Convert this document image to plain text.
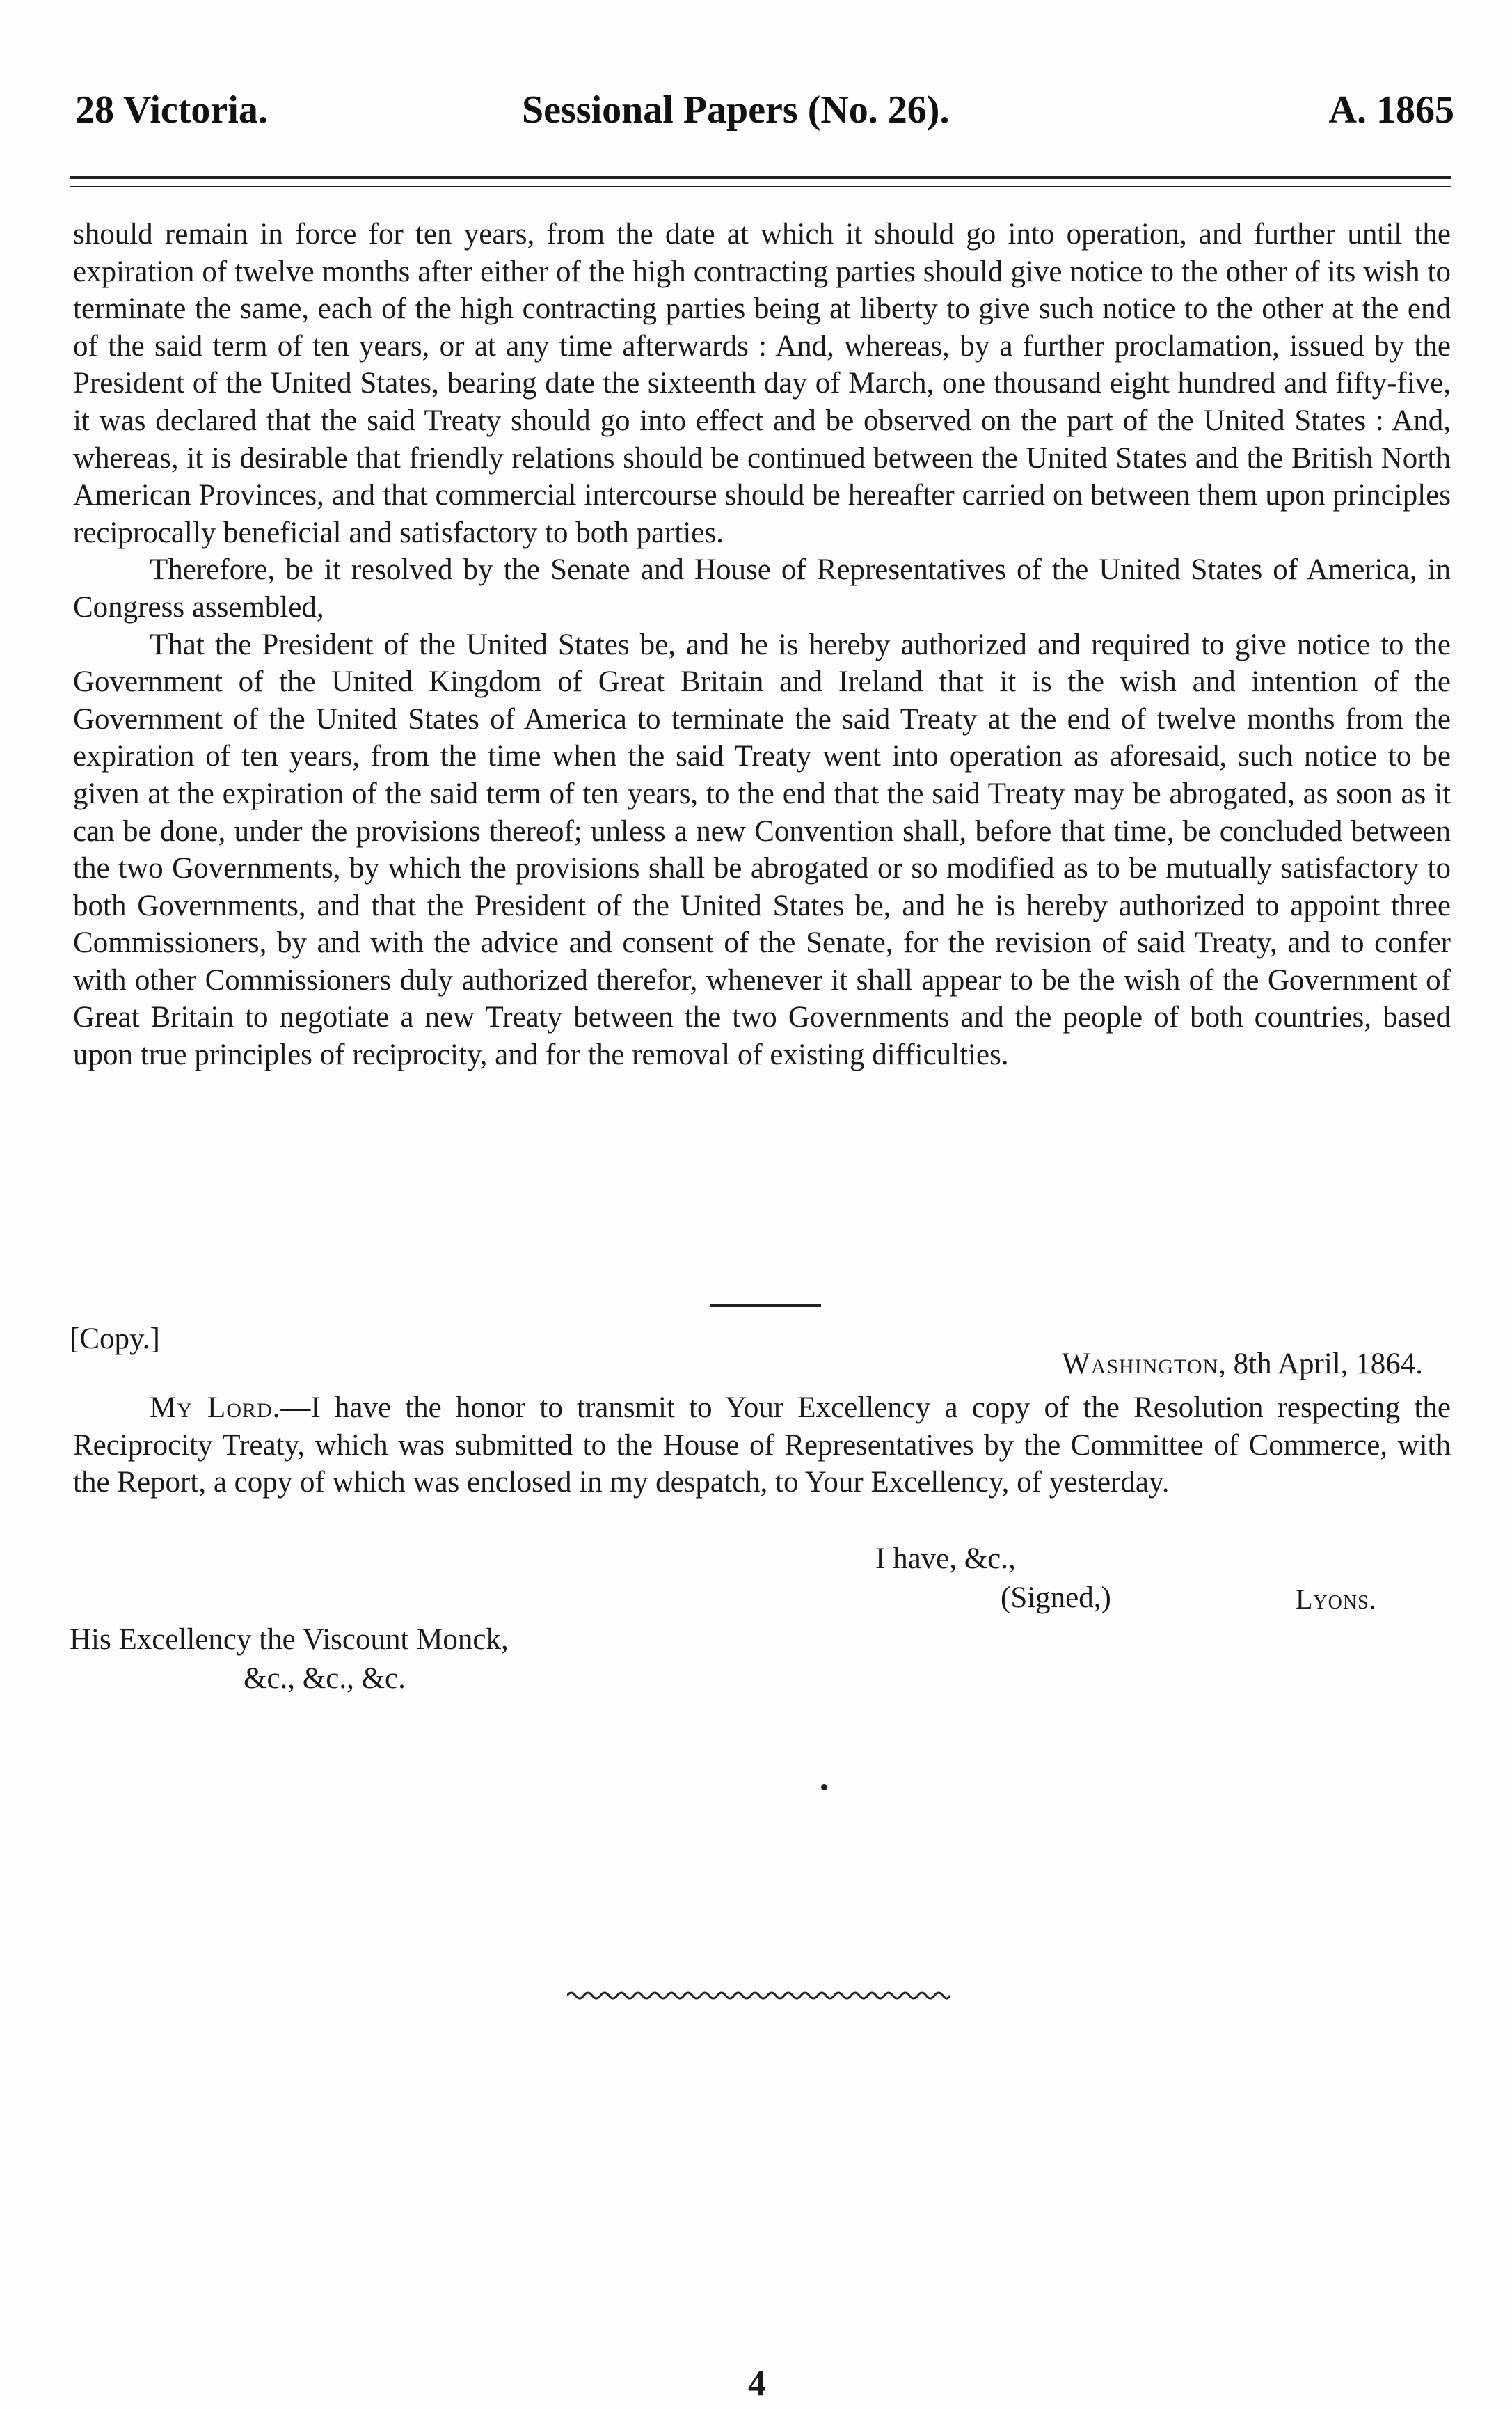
28 Victoria.	Sessional Papers (No. 26).	A. 1865

should remain in force for ten years, from the date at which it should go into operation, and further until the expiration of twelve months after either of the high contracting parties should give notice to the other of its wish to terminate the same, each of the high contracting parties being at liberty to give such notice to the other at the end of the said term of ten years, or at any time afterwards : And, whereas, by a further proclamation, issued by the President of the United States, bearing date the sixteenth day of March, one thousand eight hundred and fifty-five, it was declared that the said Treaty should go into effect and be observed on the part of the United States : And, whereas, it is desirable that friendly relations should be continued between the United States and the British North American Provinces, and that commercial intercourse should be hereafter carried on between them upon principles reciprocally beneficial and satisfactory to both parties.

Therefore, be it resolved by the Senate and House of Representatives of the United States of America, in Congress assembled,

That the President of the United States be, and he is hereby authorized and required to give notice to the Government of the United Kingdom of Great Britain and Ireland that it is the wish and intention of the Government of the United States of America to terminate the said Treaty at the end of twelve months from the expiration of ten years, from the time when the said Treaty went into operation as aforesaid, such notice to be given at the expiration of the said term of ten years, to the end that the said Treaty may be abrogated, as soon as it can be done, under the provisions thereof; unless a new Convention shall, before that time, be concluded between the two Governments, by which the provisions shall be abrogated or so modified as to be mutually satisfactory to both Governments, and that the President of the United States be, and he is hereby authorized to appoint three Commissioners, by and with the advice and consent of the Senate, for the revision of said Treaty, and to confer with other Commissioners duly authorized therefor, whenever it shall appear to be the wish of the Government of Great Britain to negotiate a new Treaty between the two Governments and the people of both countries, based upon true principles of reciprocity, and for the removal of existing difficulties.

[Copy.]
Washington, 8th April, 1864.

My Lord.—I have the honor to transmit to Your Excellency a copy of the Resolution respecting the Reciprocity Treaty, which was submitted to the House of Representatives by the Committee of Commerce, with the Report, a copy of which was enclosed in my despatch, to Your Excellency, of yesterday.

I have, &c.,
(Signed,)	Lyons.
His Excellency the Viscount Monck,
&c., &c., &c.
4
